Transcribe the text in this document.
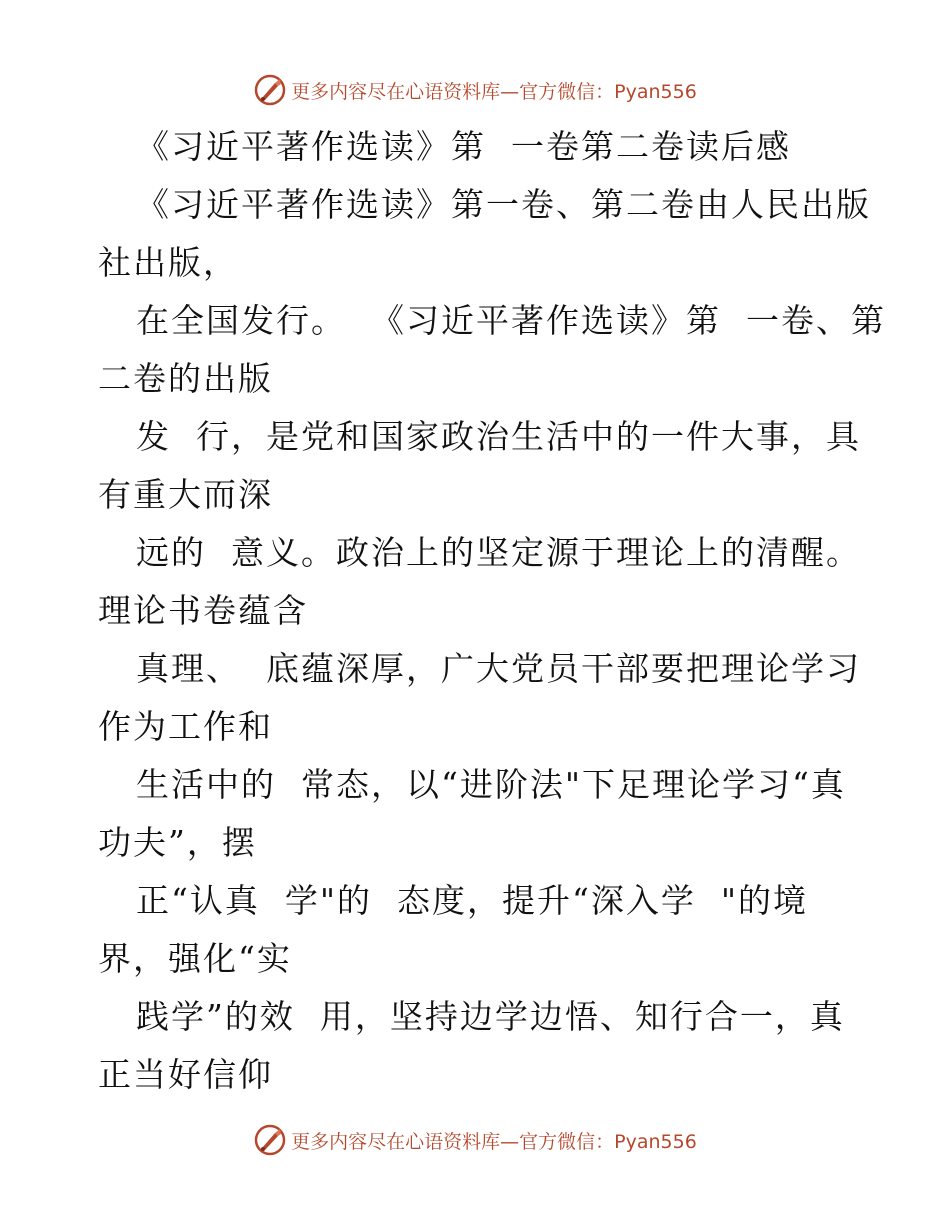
更多内容尽在心语资料库—官方微信：Pyan556
《习近平著作选读》第  一卷第二卷读后感
《习近平著作选读》第一卷、第二卷由人民出版
社出版，
在全国发行。  《习近平著作选读》第  一卷、第
二卷的出版
发  行，是党和国家政治生活中的一件大事，具
有重大而深
远的  意义。政治上的坚定源于理论上的清醒。
理论书卷蕴含
真理、  底蕴深厚，广大党员干部要把理论学习
作为工作和
生活中的  常态，以“进阶法"下足理论学习“真
功夫”，摆
正“认真  学"的  态度，提升“深入学  "的境
界，强化“实
践学”的效  用，坚持边学边悟、知行合一，真
正当好信仰
更多内容尽在心语资料库—官方微信：Pyan556
